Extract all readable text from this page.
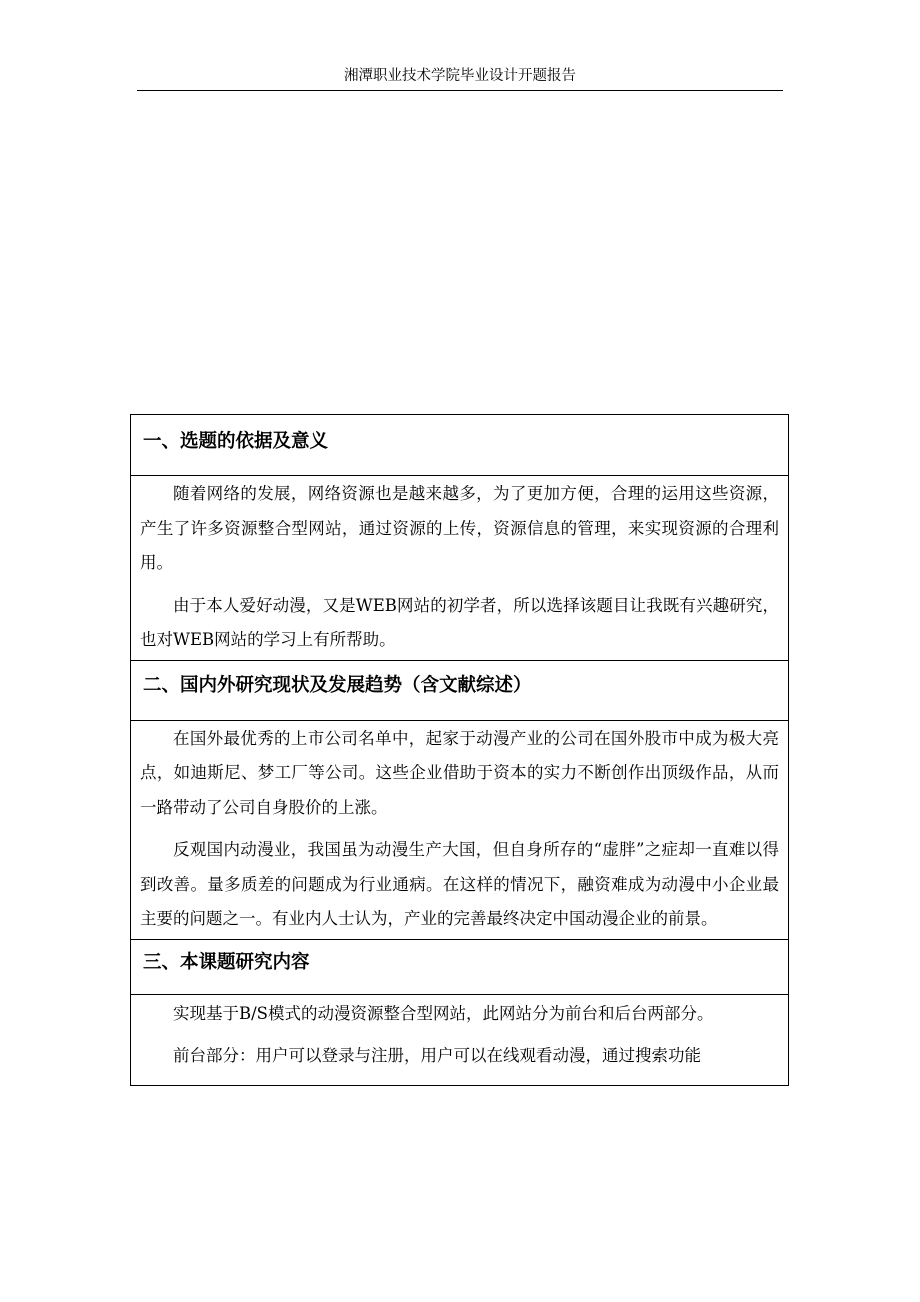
湘潭职业技术学院毕业设计开题报告
一、选题的依据及意义

随着网络的发展，网络资源也是越来越多，为了更加方便，合理的运用这些资源，产生了许多资源整合型网站，通过资源的上传，资源信息的管理，来实现资源的合理利用。

由于本人爱好动漫，又是WEB网站的初学者，所以选择该题目让我既有兴趣研究，也对WEB网站的学习上有所帮助。

二、国内外研究现状及发展趋势（含文献综述）

在国外最优秀的上市公司名单中，起家于动漫产业的公司在国外股市中成为极大亮点，如迪斯尼、梦工厂等公司。这些企业借助于资本的实力不断创作出顶级作品，从而一路带动了公司自身股价的上涨。

反观国内动漫业，我国虽为动漫生产大国，但自身所存的“虚胖”之症却一直难以得到改善。量多质差的问题成为行业通病。在这样的情况下，融资难成为动漫中小企业最主要的问题之一。有业内人士认为，产业的完善最终决定中国动漫企业的前景。

三、本课题研究内容

实现基于B/S模式的动漫资源整合型网站，此网站分为前台和后台两部分。

前台部分：用户可以登录与注册，用户可以在线观看动漫，通过搜索功能
